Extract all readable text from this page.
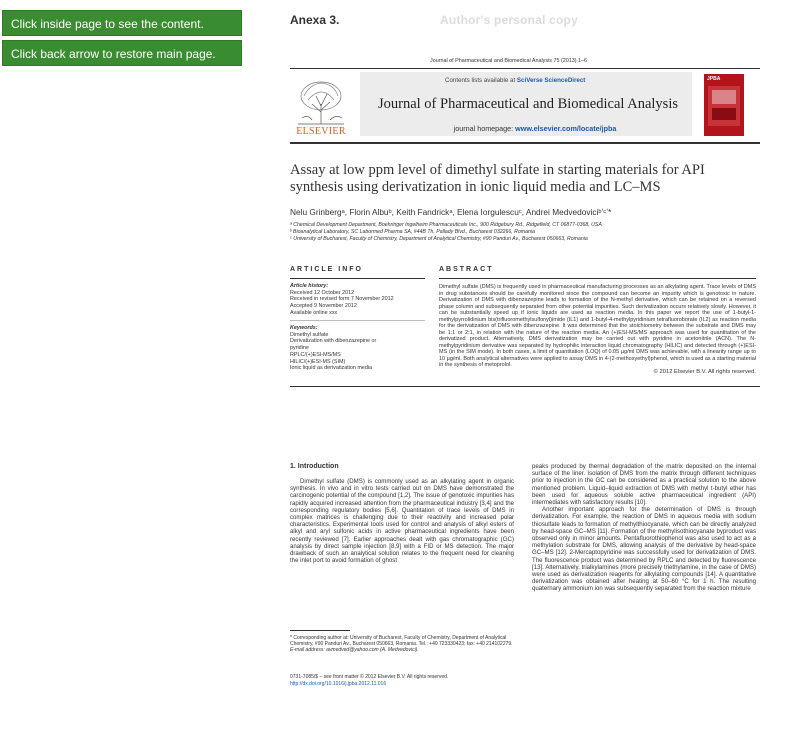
Click inside page to see the content.
Click back arrow to restore main page.
Anexa 3.	Author's personal copy
Journal of Pharmaceutical and Biomedical Analysis 75 (2013) 1–6
ELSEVIER
Contents lists available at SciVerse ScienceDirect
Journal of Pharmaceutical and Biomedical Analysis
journal homepage: www.elsevier.com/locate/jpba
JPBA
Assay at low ppm level of dimethyl sulfate in starting materials for API synthesis using derivatization in ionic liquid media and LC–MS
Nelu Grinbergᵃ, Florin Albuᵇ, Keith Fandrickᵃ, Elena Iorgulescuᶜ, Andrei Medvedoviciᵇʼᶜʼ*
ᵃ Chemical Development Department, Boehringer Ingelheim Pharmaceuticals Inc., 900 Ridgebury Rd., Ridgefield, CT 06877-0368, USA
ᵇ Bioanalytical Laboratory, SC Labormed Pharma SA, #44B Th. Pallady Blvd., Bucharest 032266, Romania
ᶜ University of Bucharest, Faculty of Chemistry, Department of Analytical Chemistry, #90 Panduri Av., Bucharest 050663, Romania
ARTICLE INFO	ABSTRACT
Article history:
Received 12 October 2012
Received in revised form 7 November 2012
Accepted 9 November 2012
Available online xxx
Keywords:
Dimethyl sulfate
Derivatization with dibenzazepine or
pyridine
RPLC/(+)ESI-MS/MS
HILIC/(+)ESI-MS (SIM)
Ionic liquid as derivatization media
Dimethyl sulfate (DMS) is frequently used in pharmaceutical manufacturing processes as an alkylating agent. Trace levels of DMS in drug substances should be carefully monitored since the compound can become an impurity which is genotoxic in nature. Derivatization of DMS with dibenzazepine leads to formation of the N-methyl derivative, which can be retained on a reversed phase column and subsequently separated from other potential impurities. Such derivatization occurs relatively slowly. However, it can be substantially speed up if ionic liquids are used as reaction media. In this paper we report the use of 1-butyl-1-methylpyrrolidinium bis(trifluoromethylsulfonyl)imide (IL1) and 1-butyl-4-methylpyridinium tetrafluoroborate (IL2) as reaction media for the derivatization of DMS with dibenzazepine. It was determined that the stoichiometry between the substrate and DMS may be 1:1 or 2:1, in relation with the nature of the reaction media. An (+)ESI-MS/MS approach was used for quantitation of the derivatized product. Alternatively, DMS derivatization may be carried out with pyridine in acetonitrile (ACN). The N-methylpyridinium derivative was separated by hydrophilic interaction liquid chromatography (HILIC) and detected through (+)ESI-MS (in the SIM mode). In both cases, a limit of quantitation (LOQ) of 0.05 µg/ml DMS was achievable, with a linearity range up to 10 µg/ml. Both analytical alternatives were applied to assay DMS in 4-(2-methoxyethyl)phenol, which is used as a starting material in the synthesis of metoprolol.
© 2012 Elsevier B.V. All rights reserved.
1. Introduction

Dimethyl sulfate (DMS) is commonly used as an alkylating agent in organic synthesis. In vivo and in vitro tests carried out on DMS have demonstrated the carcinogenic potential of the compound [1,2]. The issue of genotoxic impurities has rapidly acquired increased attention from the pharmaceutical industry [3,4] and the corresponding regulatory bodies [5,6]. Quantitation of trace levels of DMS in complex matrices is challenging due to their reactivity and increased polar characteristics. Experimental tools used for control and analysis of alkyl esters of alkyl and aryl sulfonic acids in active pharmaceutical ingredients have been recently reviewed [7]. Earlier approaches dealt with gas chromatographic (GC) analysis by direct sample injection [8,9] with a FID or MS detection. The major drawback of such an analytical solution relates to the frequent need for cleaning the inlet port to avoid formation of ghost

peaks produced by thermal degradation of the matrix deposited on the internal surface of the liner. Isolation of DMS from the matrix through different techniques prior to injection in the GC can be considered as a practical solution to the above mentioned problem. Liquid–liquid extraction of DMS with methyl t-butyl ether has been used for aqueous soluble active pharmaceutical ingredient (API) intermediates with satisfactory results [10].

Another important approach for the determination of DMS is through derivatization. For example, the reaction of DMS in aqueous media with sodium thiosulfate leads to formation of methylthiocyanate, which can be directly analyzed by head-space GC–MS [11]. Formation of the methylisothiocyanate byproduct was observed only in minor amounts. Pentafluorothiophenol was also used to act as a methylation substrate for DMS, allowing analysis of the derivative by head-space GC–MS [12]. 2-Mercaptopyridine was successfully used for derivatization of DMS. The fluorescence product was determined by RPLC and detected by fluorescence [13]. Alternatively, trialkylamines (more precisely triethylamine, in the case of DMS) were used as derivatization reagents for alkylating compounds [14]. A quantitative derivatization was obtained after heating at 50–60 °C for 1 h. The resulting quaternary ammonium ion was subsequently separated from the reaction mixture

* Corresponding author at: University of Bucharest, Faculty of Chemistry, Department of Analytical Chemistry, #90 Panduri Av., Bucharest 050663, Romania. Tel.: +40 723330423; fax: +40 214102279.
E-mail address: avmedved@yahoo.com (A. Medvedovici).
0731-7085/$ – see front matter © 2012 Elsevier B.V. All rights reserved.
http://dx.doi.org/10.1016/j.jpba.2012.11.016
